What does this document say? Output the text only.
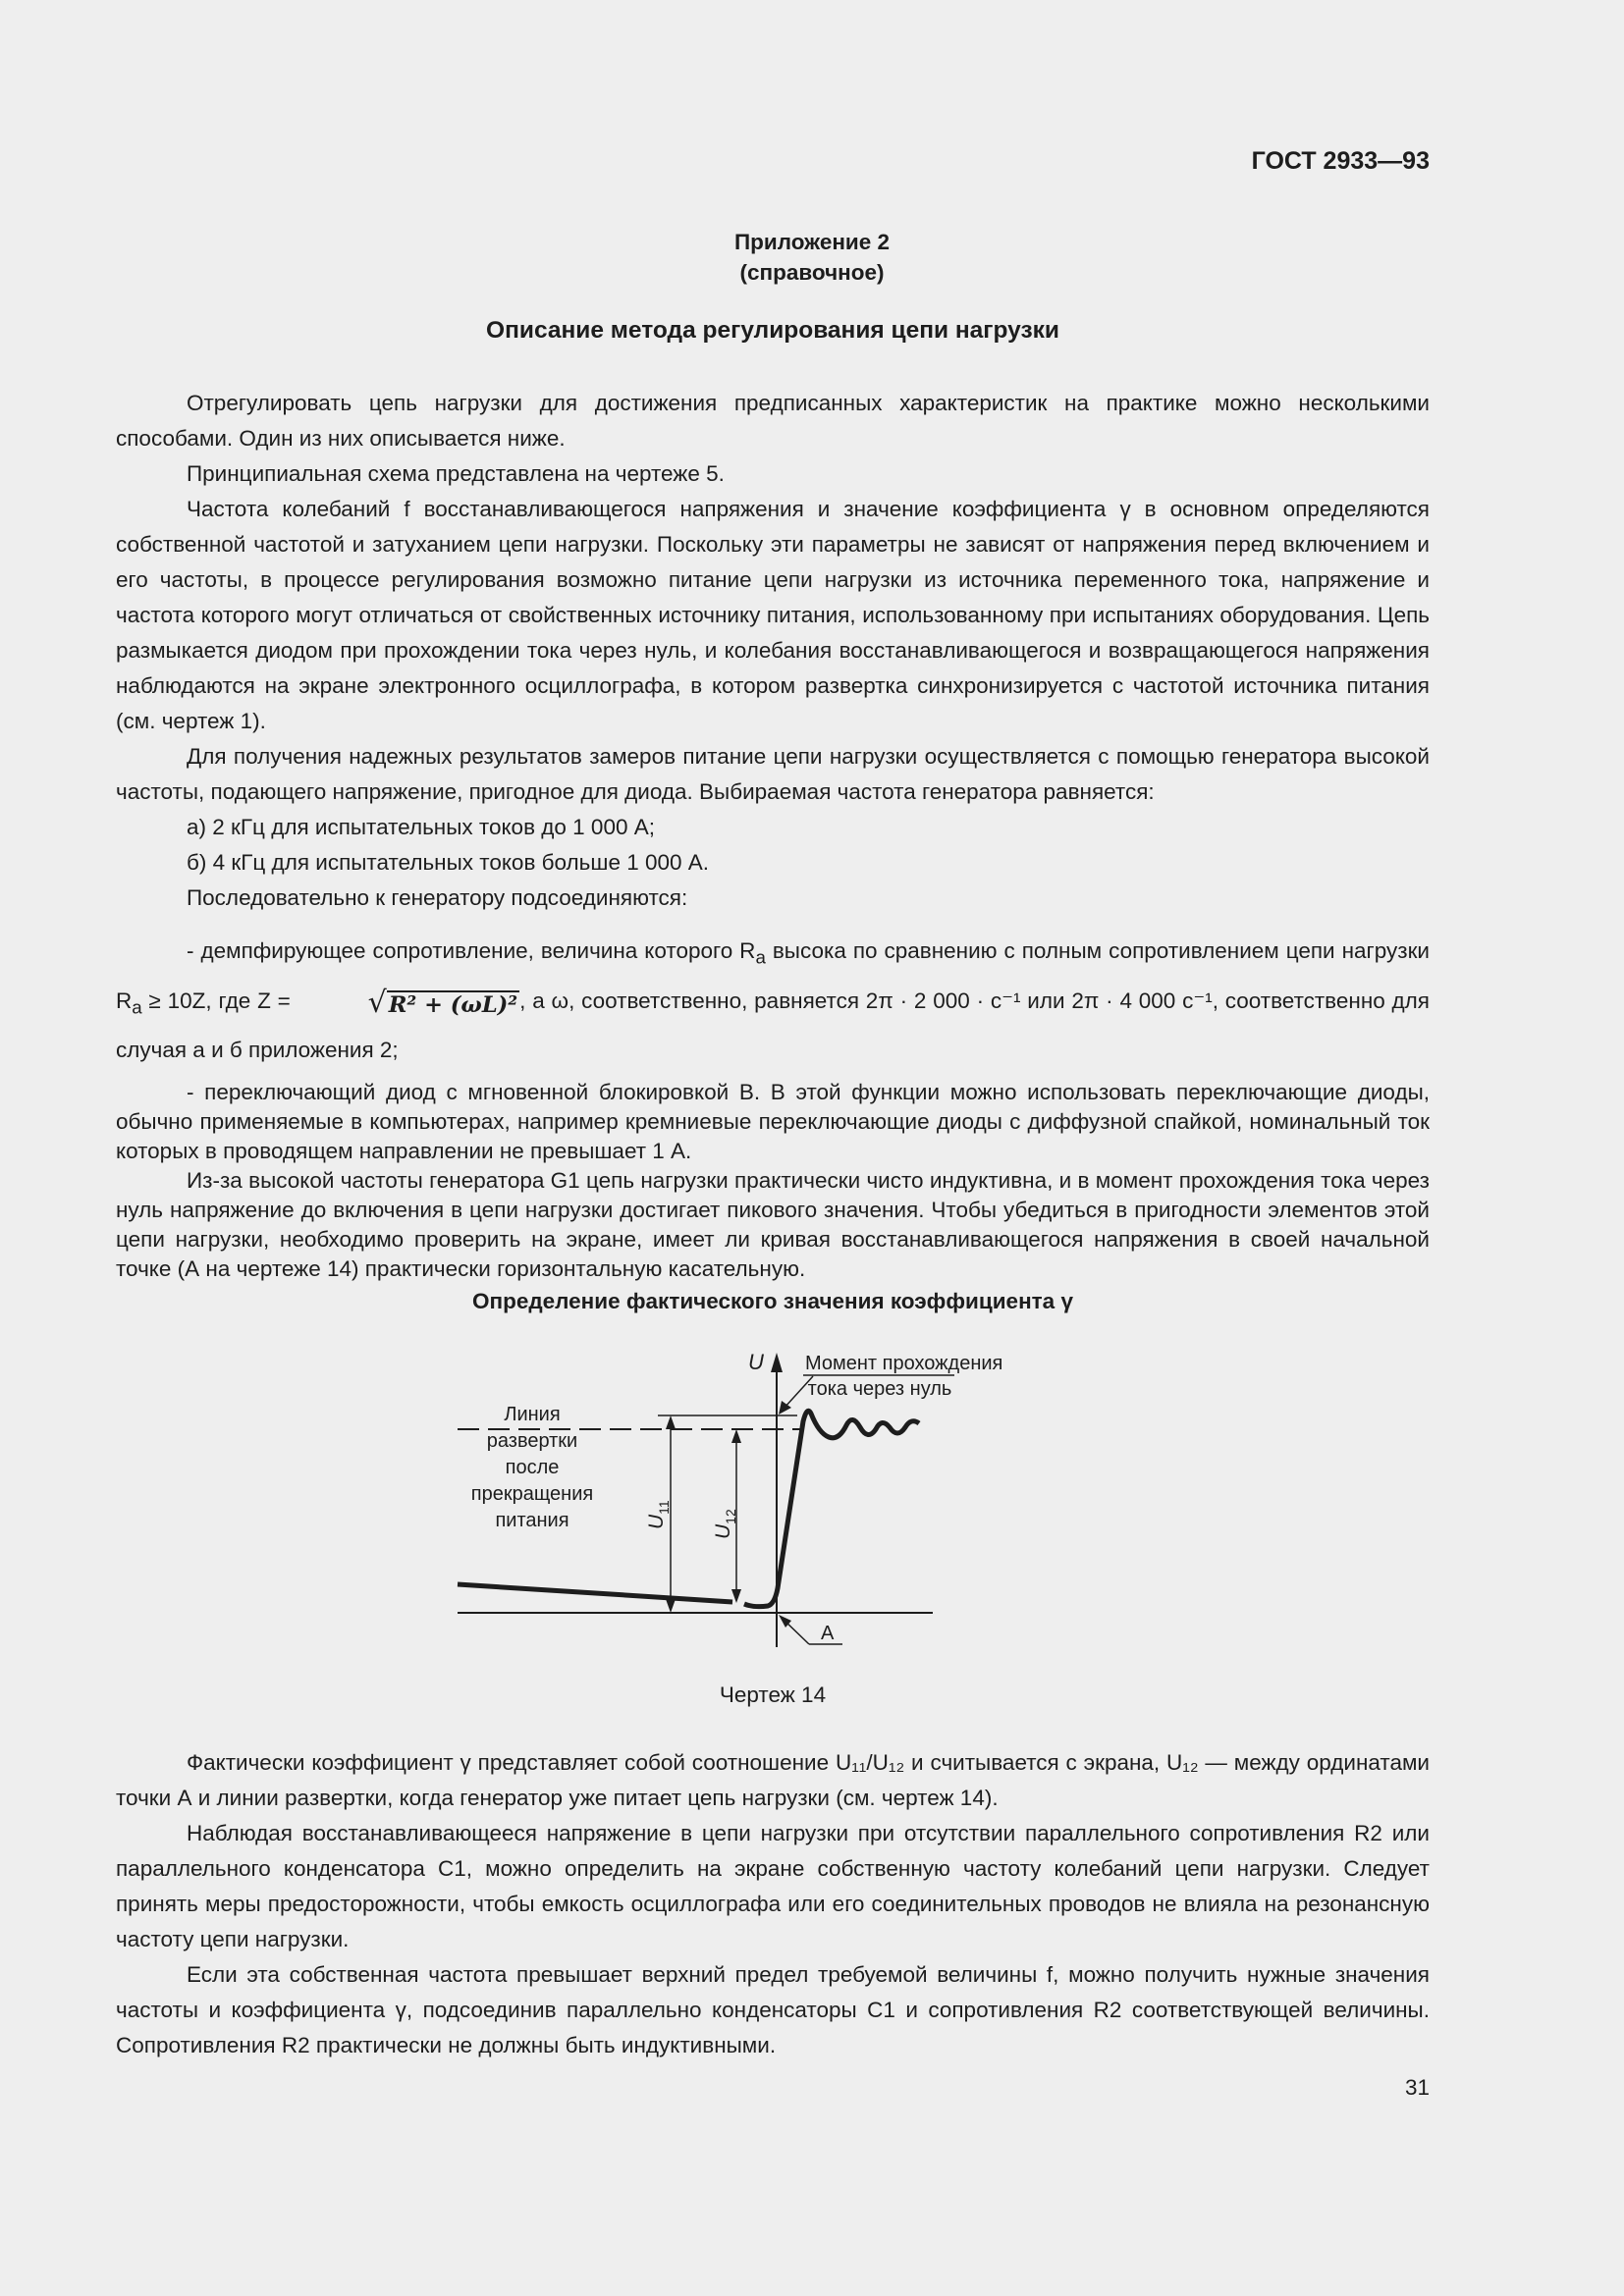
ГОСТ 2933—93
Приложение 2
(справочное)
Описание метода регулирования цепи нагрузки

Отрегулировать цепь нагрузки для достижения предписанных характеристик на практике можно несколькими способами. Один из них описывается ниже.

Принципиальная схема представлена на чертеже 5.

Частота колебаний f восстанавливающегося напряжения и значение коэффициента γ в основном определяются собственной частотой и затуханием цепи нагрузки. Поскольку эти параметры не зависят от напряжения перед включением и его частоты, в процессе регулирования возможно питание цепи нагрузки из источника переменного тока, напряжение и частота которого могут отличаться от свойственных источнику питания, использованному при испытаниях оборудования. Цепь размыкается диодом при прохождении тока через нуль, и колебания восстанавливающегося и возвращающегося напряжения наблюдаются на экране электронного осциллографа, в котором развертка синхронизируется с частотой источника питания (см. чертеж 1).

Для получения надежных результатов замеров питание цепи нагрузки осуществляется с помощью генератора высокой частоты, подающего напряжение, пригодное для диода. Выбираемая частота генератора равняется:

а) 2 кГц для испытательных токов до 1 000 А;

б) 4 кГц для испытательных токов больше 1 000 А.

Последовательно к генератору подсоединяются:

- демпфирующее сопротивление, величина которого $R_a$ высока по сравнению с полным сопротивлением цепи нагрузки $R_a \ge 10Z$, где Z = √R² + (ωL)², а ω, соответственно, равняется 2π · 2 000 · с⁻¹ или 2π · 4 000 с⁻¹, соответственно для случая а и б приложения 2;

- переключающий диод с мгновенной блокировкой B. В этой функции можно использовать переключающие диоды, обычно применяемые в компьютерах, например кремниевые переключающие диоды с диффузной спайкой, номинальный ток которых в проводящем направлении не превышает 1 А.

Из-за высокой частоты генератора G1 цепь нагрузки практически чисто индуктивна, и в момент прохождения тока через нуль напряжение до включения в цепи нагрузки достигает пикового значения. Чтобы убедиться в пригодности элементов этой цепи нагрузки, необходимо проверить на экране, имеет ли кривая восстанавливающегося напряжения в своей начальной точке (А на чертеже 14) практически горизонтальную касательную.

Определение фактического значения коэффициента γ
U
$U_{11}$
$U_{12}$
Линия
развертки
после
прекращения
питания
Момент прохождения
тока через нуль
А
Чертеж 14

Фактически коэффициент γ представляет собой соотношение U₁₁/U₁₂ и считывается с экрана, U₁₂ — между ординатами точки А и линии развертки, когда генератор уже питает цепь нагрузки (см. чертеж 14).

Наблюдая восстанавливающееся напряжение в цепи нагрузки при отсутствии параллельного сопротивления R2 или параллельного конденсатора C1, можно определить на экране собственную частоту колебаний цепи нагрузки. Следует принять меры предосторожности, чтобы емкость осциллографа или его соединительных проводов не влияла на резонансную частоту цепи нагрузки.

Если эта собственная частота превышает верхний предел требуемой величины f, можно получить нужные значения частоты и коэффициента γ, подсоединив параллельно конденсаторы C1 и сопротивления R2 соответствующей величины. Сопротивления R2 практически не должны быть индуктивными.

31
